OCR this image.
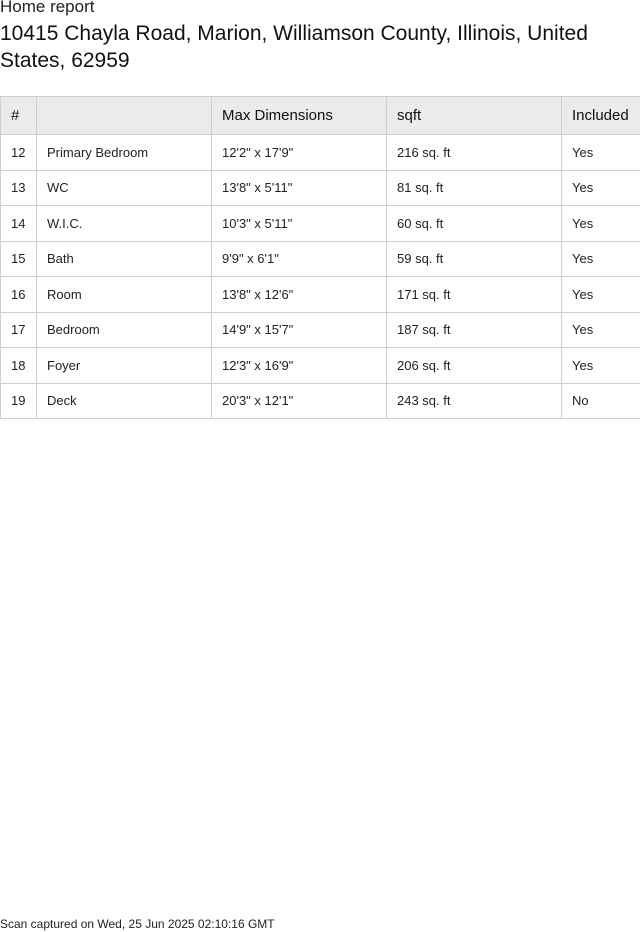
Home report
10415 Chayla Road, Marion, Williamson County, Illinois, United States, 62959
#		Max Dimensions	sqft	Included
12	Primary Bedroom	12'2" x 17'9"	216 sq. ft	Yes
13	WC	13'8" x 5'11"	81 sq. ft	Yes
14	W.I.C.	10'3" x 5'11"	60 sq. ft	Yes
15	Bath	9'9" x 6'1"	59 sq. ft	Yes
16	Room	13'8" x 12'6"	171 sq. ft	Yes
17	Bedroom	14'9" x 15'7"	187 sq. ft	Yes
18	Foyer	12'3" x 16'9"	206 sq. ft	Yes
19	Deck	20'3" x 12'1"	243 sq. ft	No
Scan captured on Wed, 25 Jun 2025 02:10:16 GMT
